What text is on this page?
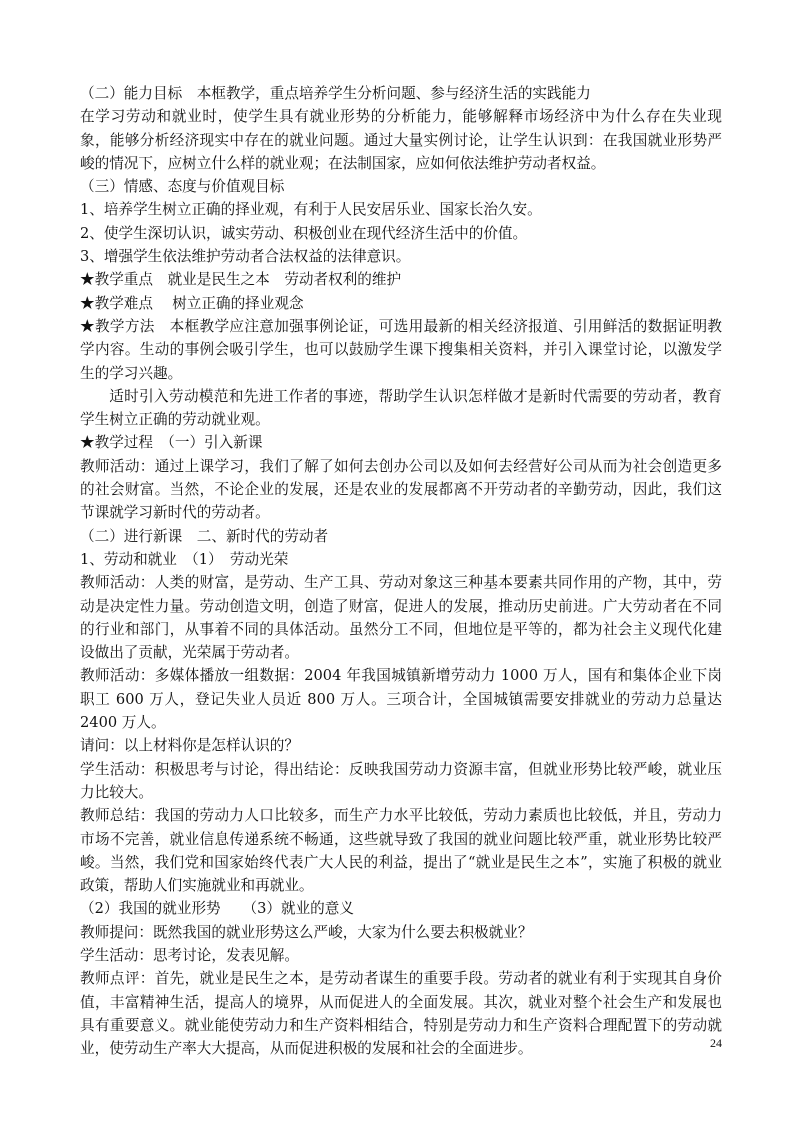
（二）能力目标　本框教学，重点培养学生分析问题、参与经济生活的实践能力

在学习劳动和就业时，使学生具有就业形势的分析能力，能够解释市场经济中为什么存在失业现象，能够分析经济现实中存在的就业问题。通过大量实例讨论，让学生认识到：在我国就业形势严峻的情况下，应树立什么样的就业观；在法制国家，应如何依法维护劳动者权益。

（三）情感、态度与价值观目标

1、培养学生树立正确的择业观，有利于人民安居乐业、国家长治久安。

2、使学生深切认识，诚实劳动、积极创业在现代经济生活中的价值。

3、增强学生依法维护劳动者合法权益的法律意识。

★教学重点　就业是民生之本　劳动者权利的维护

★教学难点　 树立正确的择业观念

★教学方法　本框教学应注意加强事例论证，可选用最新的相关经济报道、引用鲜活的数据证明教学内容。生动的事例会吸引学生，也可以鼓励学生课下搜集相关资料，并引入课堂讨论，以激发学生的学习兴趣。

适时引入劳动模范和先进工作者的事迹，帮助学生认识怎样做才是新时代需要的劳动者，教育学生树立正确的劳动就业观。

★教学过程　（一）引入新课

教师活动：通过上课学习，我们了解了如何去创办公司以及如何去经营好公司从而为社会创造更多的社会财富。当然，不论企业的发展，还是农业的发展都离不开劳动者的辛勤劳动，因此，我们这节课就学习新时代的劳动者。

（二）进行新课　二、新时代的劳动者

1、劳动和就业　（1）　劳动光荣

教师活动：人类的财富，是劳动、生产工具、劳动对象这三种基本要素共同作用的产物，其中，劳动是决定性力量。劳动创造文明，创造了财富，促进人的发展，推动历史前进。广大劳动者在不同的行业和部门，从事着不同的具体活动。虽然分工不同，但地位是平等的，都为社会主义现代化建设做出了贡献，光荣属于劳动者。

教师活动：多媒体播放一组数据：2004 年我国城镇新增劳动力 1000 万人，国有和集体企业下岗职工 600 万人，登记失业人员近 800 万人。三项合计，全国城镇需要安排就业的劳动力总量达 2400 万人。

请问：以上材料你是怎样认识的？

学生活动：积极思考与讨论，得出结论：反映我国劳动力资源丰富，但就业形势比较严峻，就业压力比较大。

教师总结：我国的劳动力人口比较多，而生产力水平比较低，劳动力素质也比较低，并且，劳动力市场不完善，就业信息传递系统不畅通，这些就导致了我国的就业问题比较严重，就业形势比较严峻。当然，我们党和国家始终代表广大人民的利益，提出了“就业是民生之本”，实施了积极的就业政策，帮助人们实施就业和再就业。

（2）我国的就业形势　　（3）就业的意义

教师提问：既然我国的就业形势这么严峻，大家为什么要去积极就业？

学生活动：思考讨论，发表见解。

教师点评：首先，就业是民生之本，是劳动者谋生的重要手段。劳动者的就业有利于实现其自身价值，丰富精神生活，提高人的境界，从而促进人的全面发展。其次，就业对整个社会生产和发展也具有重要意义。就业能使劳动力和生产资料相结合，特别是劳动力和生产资料合理配置下的劳动就业，使劳动生产率大大提高，从而促进积极的发展和社会的全面进步。	24
